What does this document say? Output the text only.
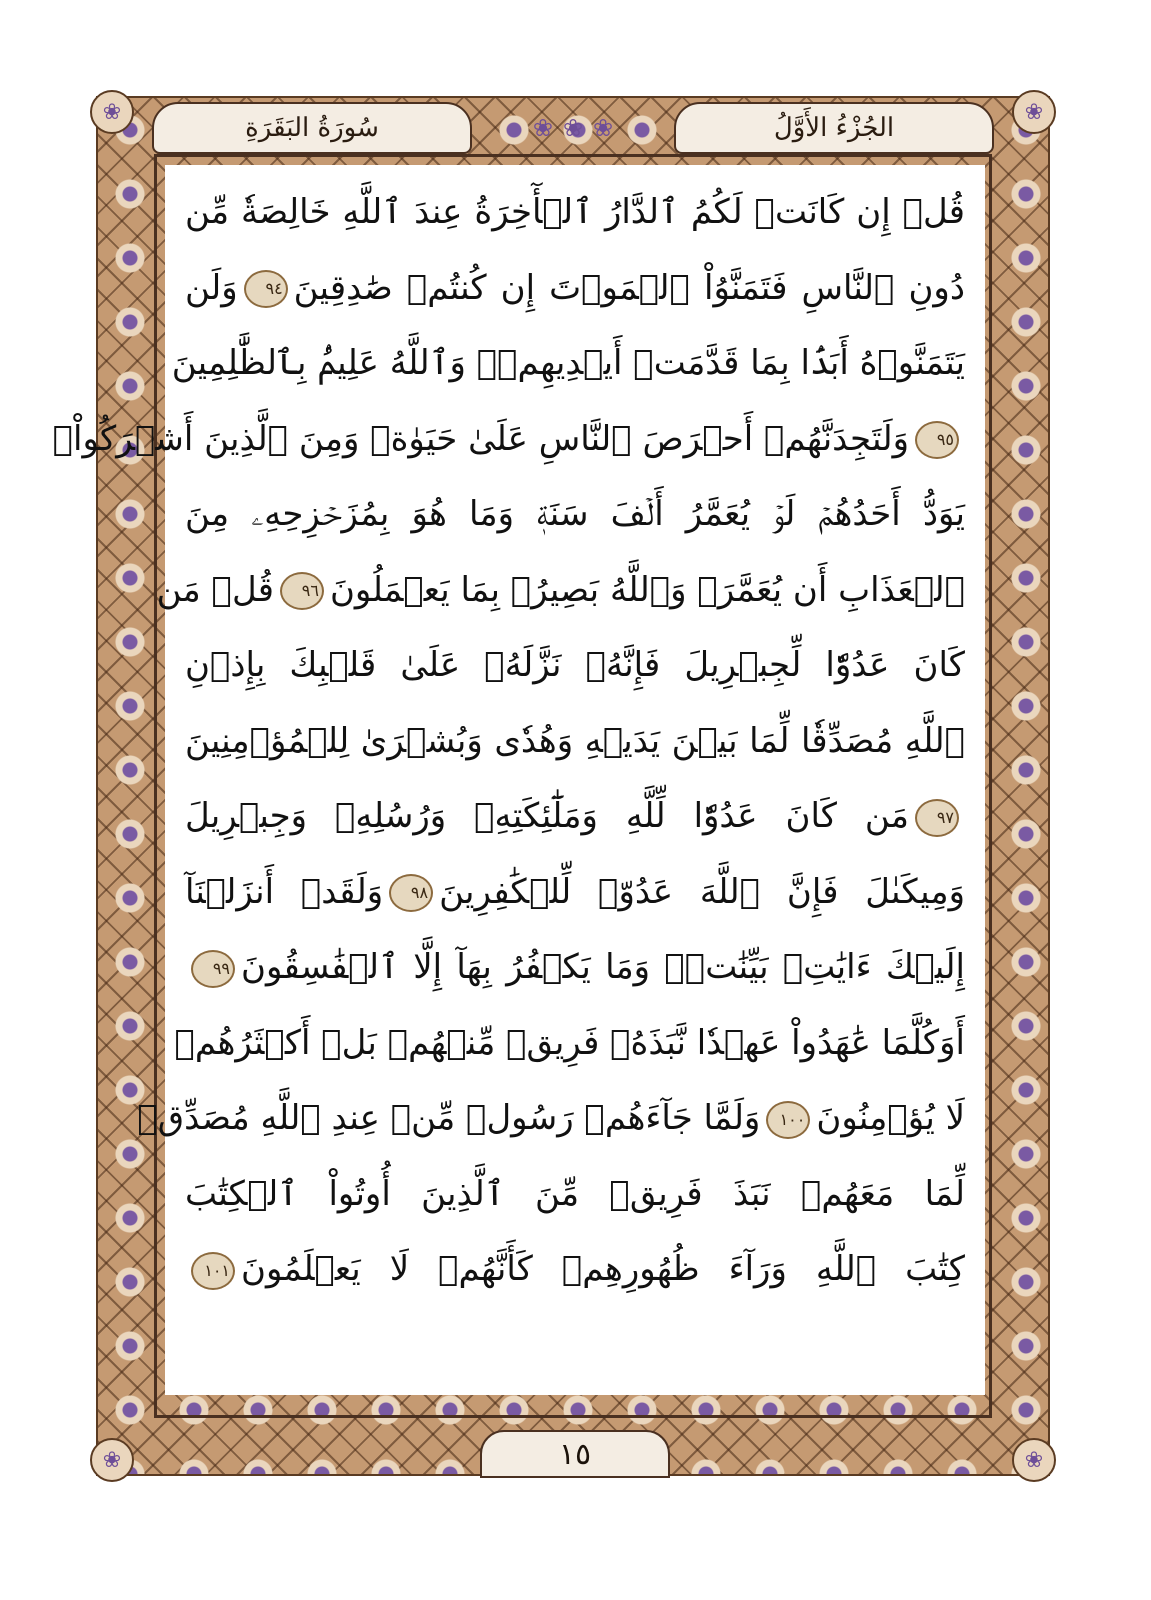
❀	❀
❀	❀
الجُزْءُ الأَوَّلُ
❀ ❀ ❀
سُورَةُ البَقَرَةِ
قُلۡ إِن كَانَتۡ لَكُمُ ٱلدَّارُ ٱلۡأٓخِرَةُ عِندَ ٱللَّهِ خَالِصَةٗ مِّن
دُونِ ٱلنَّاسِ فَتَمَنَّوُاْ ٱلۡمَوۡتَ إِن كُنتُمۡ صَٰدِقِينَ٩٤وَلَن
يَتَمَنَّوۡهُ أَبَدَۢا بِمَا قَدَّمَتۡ أَيۡدِيهِمۡۚ وَٱللَّهُ عَلِيمُۢ بِٱلظَّٰلِمِينَ
٩٥وَلَتَجِدَنَّهُمۡ أَحۡرَصَ ٱلنَّاسِ عَلَىٰ حَيَوٰةٖ وَمِنَ ٱلَّذِينَ أَشۡرَكُواْۚ
يَوَدُّ أَحَدُهُمۡ لَوۡ يُعَمَّرُ أَلۡفَ سَنَةٖ وَمَا هُوَ بِمُزَحۡزِحِهِۦ مِنَ
ٱلۡعَذَابِ أَن يُعَمَّرَۗ وَٱللَّهُ بَصِيرُۢ بِمَا يَعۡمَلُونَ٩٦قُلۡ مَن
كَانَ عَدُوّٗا لِّجِبۡرِيلَ فَإِنَّهُۥ نَزَّلَهُۥ عَلَىٰ قَلۡبِكَ بِإِذۡنِ
ٱللَّهِ مُصَدِّقٗا لِّمَا بَيۡنَ يَدَيۡهِ وَهُدٗى وَبُشۡرَىٰ لِلۡمُؤۡمِنِينَ
٩٧مَن كَانَ عَدُوّٗا لِّلَّهِ وَمَلَٰٓئِكَتِهِۦ وَرُسُلِهِۦ وَجِبۡرِيلَ
وَمِيكَىٰلَ فَإِنَّ ٱللَّهَ عَدُوّٞ لِّلۡكَٰفِرِينَ٩٨وَلَقَدۡ أَنزَلۡنَآ
إِلَيۡكَ ءَايَٰتِۭ بَيِّنَٰتٖۖ وَمَا يَكۡفُرُ بِهَآ إِلَّا ٱلۡفَٰسِقُونَ٩٩
أَوَكُلَّمَا عَٰهَدُواْ عَهۡدٗا نَّبَذَهُۥ فَرِيقٞ مِّنۡهُمۚ بَلۡ أَكۡثَرُهُمۡ
لَا يُؤۡمِنُونَ١٠٠وَلَمَّا جَآءَهُمۡ رَسُولٞ مِّنۡ عِندِ ٱللَّهِ مُصَدِّقٞ
لِّمَا مَعَهُمۡ نَبَذَ فَرِيقٞ مِّنَ ٱلَّذِينَ أُوتُواْ ٱلۡكِتَٰبَ
كِتَٰبَ ٱللَّهِ وَرَآءَ ظُهُورِهِمۡ كَأَنَّهُمۡ لَا يَعۡلَمُونَ١٠١
١٥
